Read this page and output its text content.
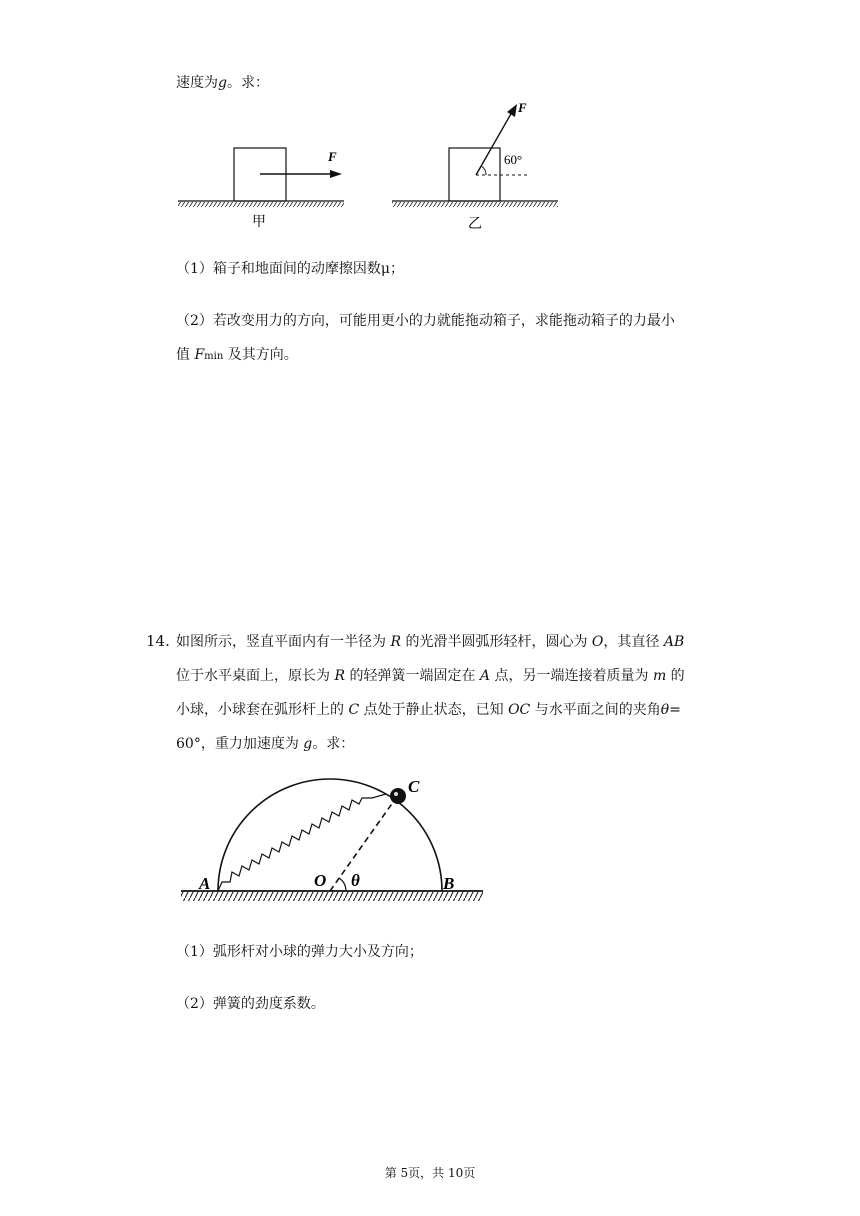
速度为g。求：
F
甲
F
60°
乙
（1）箱子和地面间的动摩擦因数μ；
（2）若改变用力的方向，可能用更小的力就能拖动箱子，求能拖动箱子的力最小
值 Fmin 及其方向。
14. 如图所示，竖直平面内有一半径为 R 的光滑半圆弧形轻杆，圆心为 O，其直径 AB
位于水平桌面上，原长为 R 的轻弹簧一端固定在 A 点，另一端连接着质量为 m 的
小球，小球套在弧形杆上的 C 点处于静止状态，已知 OC 与水平面之间的夹角θ=
60°，重力加速度为 g。求：
A	B
C
O θ
（1）弧形杆对小球的弹力大小及方向；
（2）弹簧的劲度系数。
第 5页，共 10页
